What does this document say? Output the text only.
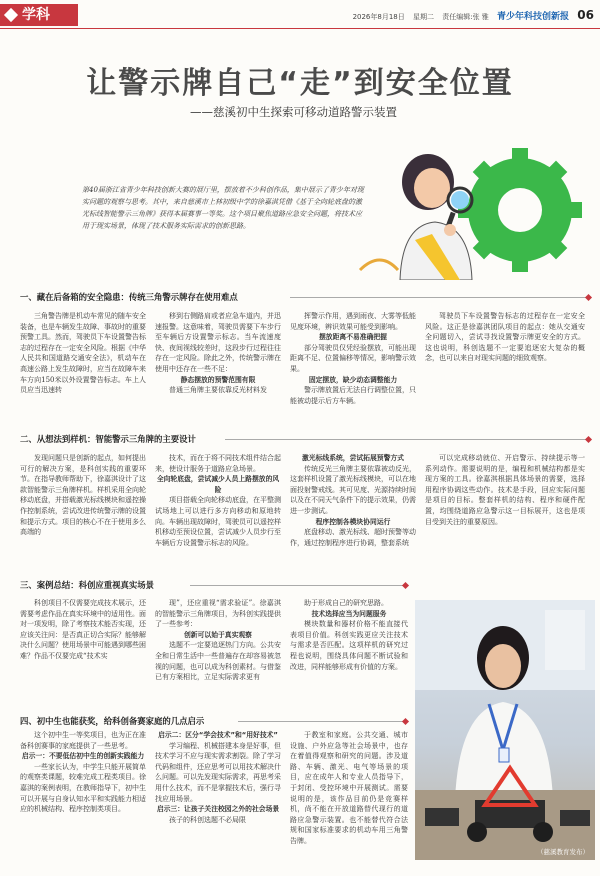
学科	2026年8月18日 星期二 责任编辑:张 雅 青少年科技创新报 06
让警示牌自己“走”到安全位置
——慈溪初中生探索可移动道路警示装置
第40届浙江省青少年科技创新大赛的展厅里，摆放着不少科创作品，集中展示了青少年对现实问题的观察与思考。其中，来自慈溪市上林初级中学的徐嘉淇凭借《基于全向轮底盘的激光标线智能警示三角牌》获得本届赛事一等奖。这个项目聚焦道路应急安全问题，将技术应用于现实场景，体现了技术服务实际需求的创新思路。
一、藏在后备箱的安全隐患：传统三角警示牌存在使用难点

三角警告牌是机动车常见的随车安全装备，也是车辆发生故障、事故时的重要预警工具。然而，驾驶员下车设置警告标志的过程存在一定安全风险。根据《中华人民共和国道路交通安全法》，机动车在高速公路上发生故障时，应当在故障车来车方向150米以外设置警告标志。车上人员应当迅速转

移到右侧路肩或者应急车道内，并迅速报警。这意味着，驾驶员需要下车步行至车辆后方设置警示标志。当车流速度快、夜间视线较差时，这段步行过程往往存在一定风险。除此之外，传统警示牌在使用中还存在一些不足：

静态摆放的预警范围有限

普通三角牌主要依靠反光材料发

挥警示作用，遇到雨夜、大雾等低能见度环境，辨识效果可能受到影响。

摆放距离不易准确把握

部分驾驶员仅凭经验摆放，可能出现距离不足、位置偏移等情况，影响警示效果。

固定摆放，缺少动态调整能力

警示牌放置后无法自行调整位置，只能被动提示后方车辆。

驾驶员下车设置警告标志的过程存在一定安全风险。这正是徐嘉淇团队项目的起点：她从交通安全问题切入，尝试寻找设置警示牌更安全的方式。这也说明，科创选题不一定要追逐宏大复杂的概念，也可以来自对现实问题的细致观察。

二、从想法到样机：智能警示三角牌的主要设计

发现问题只是创新的起点，如何提出可行的解决方案，是科创实践的重要环节。在指导教师帮助下，徐嘉淇设计了这款智能警示三角牌样机。样机采用全向轮移动底盘，并搭载激光标线模块和遥控操作控制系统，尝试改进传统警示牌的设置和提示方式。项目的核心不在于使用多么高端的

技术，而在于将不同技术组件结合起来，使设计服务于道路应急场景。

全向轮底盘，尝试减少人员上路摆放的风险

项目搭载全向轮移动底盘，在平整测试场地上可以进行多方向移动和原地转向。车辆出现故障时，驾驶员可以遥控样机移动至预设位置，尝试减少人员步行至车辆后方设置警示标志的风险。

激光标线系统，尝试拓展预警方式

传统反光三角牌主要依靠被动反光，这套样机设置了激光标线模块，可以在地面投射警戒线。其可见度、光源持续时间以及在不同天气条件下的提示效果，仍需进一步测试。

程序控制各模块协同运行

底盘移动、激光标线、超时预警等动作，通过控制程序进行协调，整套系统

可以完成移动就位、开启警示、持续提示等一系列动作。需要说明的是，编程和机械结构都是实现方案的工具。徐嘉淇根据具体场景的需要，选择用程序协调这些动作。技术是手段，回应实际问题是项目的目标。整套样机的结构、程序和硬件配置，均围绕道路应急警示这一目标展开，这也是项目受到关注的重要原因。

三、案例总结：科创应重视真实场景

科创项目不仅需要完成技术展示，还需要考虑作品在真实环境中的适用性。面对一项发明，除了考察技术能否实现，还应该关注问：是否真正切合实际？能够解决什么问题？使用场景中可能遇到哪些困难？作品不仅要完成“技术实

现”，还应重视“需求验证”。徐嘉淇的智能警示三角牌项目，为科创实践提供了一些参考：

创新可以始于真实观察

选题不一定要追逐热门方向。公共安全和日常生活中一些普遍存在却容易被忽视的问题，也可以成为科创素材。与借鉴已有方案相比，立足实际需求更有

助于形成自己的研究思路。

技术选择应当为问题服务

模块数量和器材价格不能直接代表项目价值。科创实践更应关注技术与需求是否匹配。这项样机的研究过程也说明，围绕具体问题不断试验和改进，同样能够形成有价值的方案。

四、初中生也能获奖，给科创备赛家庭的几点启示

这个初中生一等奖项目，也为正在准备科创赛事的家庭提供了一些思考。

启示一：不要低估初中生的创新实践能力

一些家长认为，中学生只能开展简单的观察类课题，较难完成工程类项目。徐嘉淇的案例表明，在教师指导下，初中生可以开展与自身认知水平和实践能力相适应的机械结构、程序控制类项目。

启示二：区分“学会技术”和“用好技术”

学习编程、机械搭建本身是好事，但技术学习不应与现实需求割裂。除了学习代码和组件，还应思考可以用技术解决什么问题。可以先发现实际需求，再思考采用什么技术，而不是掌握技术后，强行寻找应用场景。

启示三：让孩子关注校园之外的社会场景

孩子的科创选题不必局限

于教室和家庭。公共交通、城市设施、户外应急等社会场景中，也存在着值得观察和研究的问题。涉及道路、车辆、激光、电气等场景的项目，应在成年人和专业人员指导下，于封闭、受控环境中开展测试。需要说明的是，该作品目前仍是竞赛样机，尚不能在开放道路替代现行的道路应急警示装置。也不能替代符合法规和国家标准要求的机动车用三角警告牌。

（慈溪教育发布）
